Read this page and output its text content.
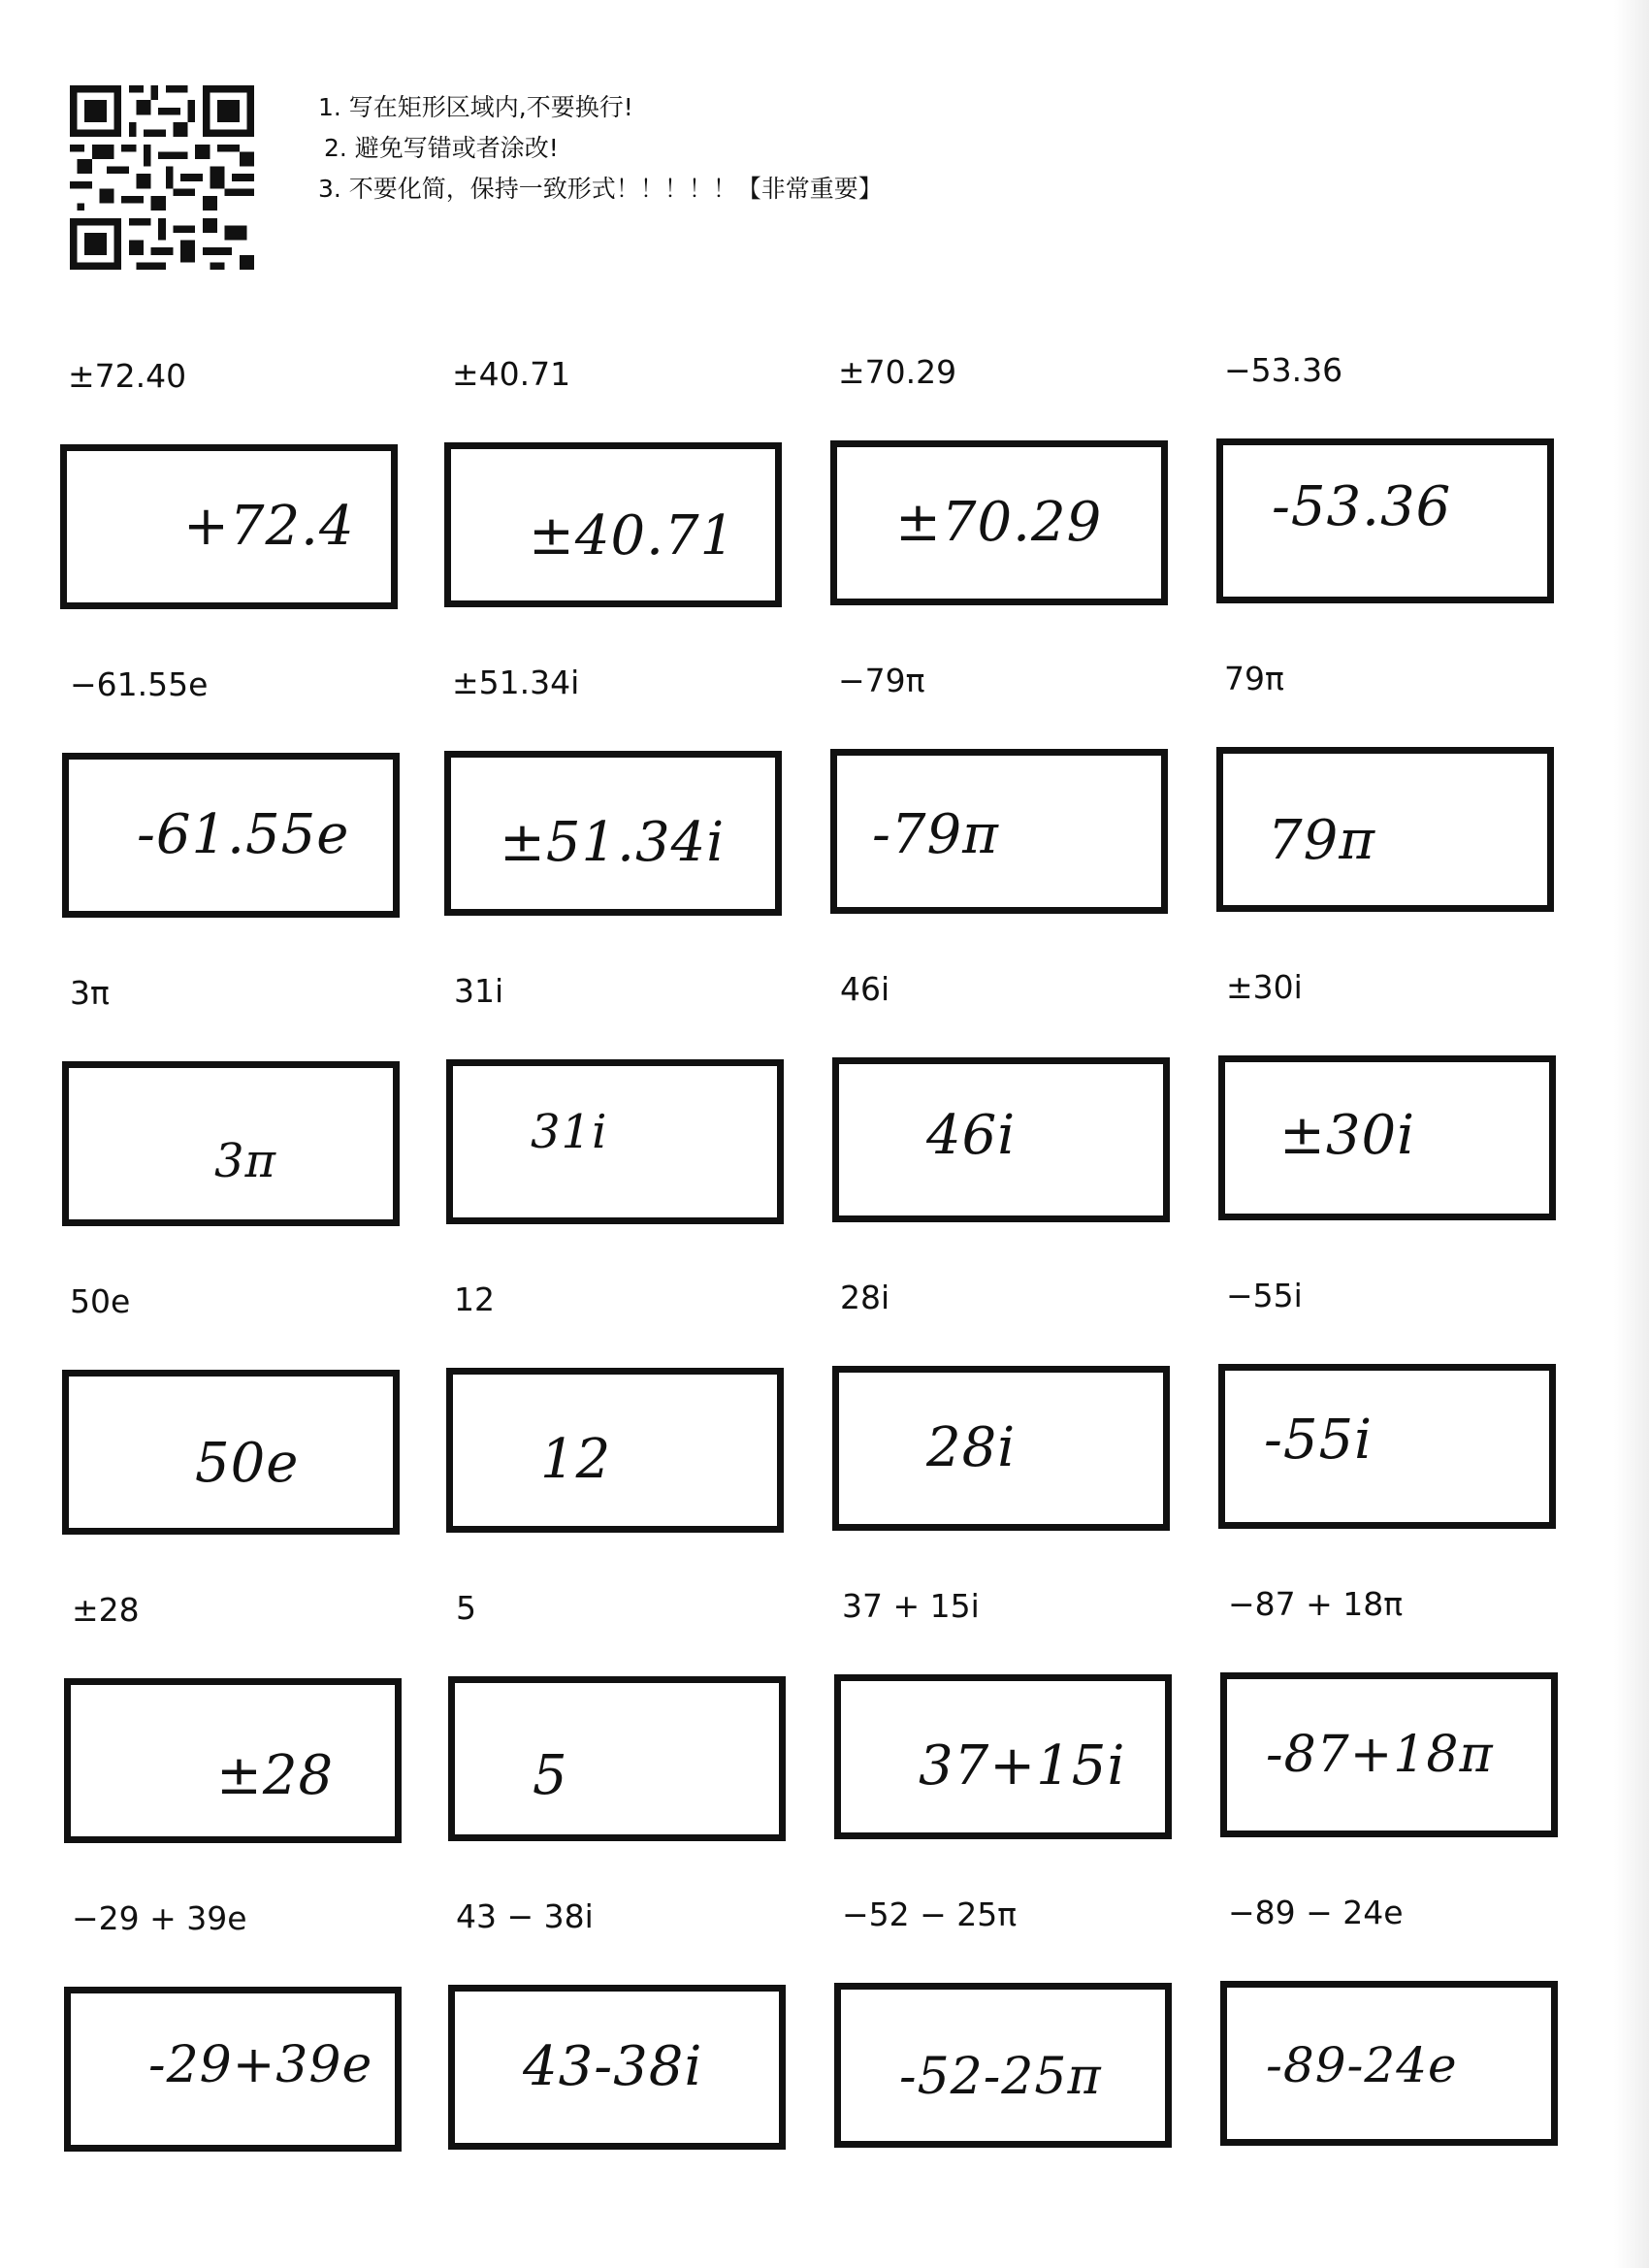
1. 写在矩形区域内,不要换行!
2. 避免写错或者涂改!
3. 不要化简，保持一致形式！！！！！【非常重要】
±72.40
+72.4
±40.71
±40.71
±70.29
±70.29
−53.36
-53.36
−61.55e
-61.55e
±51.34i
±51.34i
−79π
-79π
79π
79π
3π
3π
31i
31i
46i
46i
±30i
±30i
50e
50e
12
12
28i
28i
−55i
-55i
±28
±28
5
5
37 + 15i
37+15i
−87 + 18π
-87+18π
−29 + 39e
-29+39e
43 − 38i
43-38i
−52 − 25π
-52-25π
−89 − 24e
-89-24e
